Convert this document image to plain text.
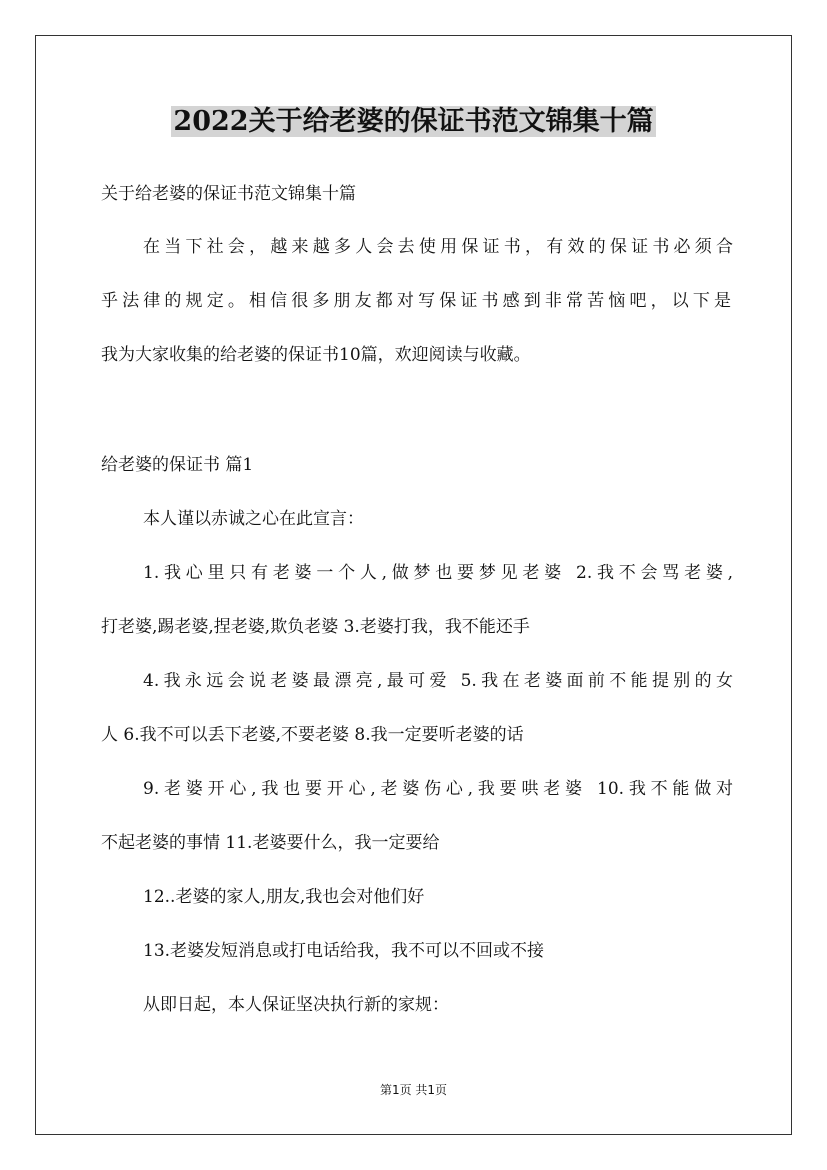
2022关于给老婆的保证书范文锦集十篇

关于给老婆的保证书范文锦集十篇

在当下社会，越来越多人会去使用保证书，有效的保证书必须合

乎法律的规定。相信很多朋友都对写保证书感到非常苦恼吧，以下是

我为大家收集的给老婆的保证书10篇，欢迎阅读与收藏。

给老婆的保证书 篇1

本人谨以赤诚之心在此宣言：

1.我心里只有老婆一个人,做梦也要梦见老婆 2.我不会骂老婆,

打老婆,踢老婆,捏老婆,欺负老婆 3.老婆打我，我不能还手

4.我永远会说老婆最漂亮,最可爱 5.我在老婆面前不能提别的女

人 6.我不可以丢下老婆,不要老婆 8.我一定要听老婆的话

9.老婆开心,我也要开心,老婆伤心,我要哄老婆 10.我不能做对

不起老婆的事情 11.老婆要什么，我一定要给

12..老婆的家人,朋友,我也会对他们好

13.老婆发短消息或打电话给我，我不可以不回或不接

从即日起，本人保证坚决执行新的家规：

第1页 共1页
